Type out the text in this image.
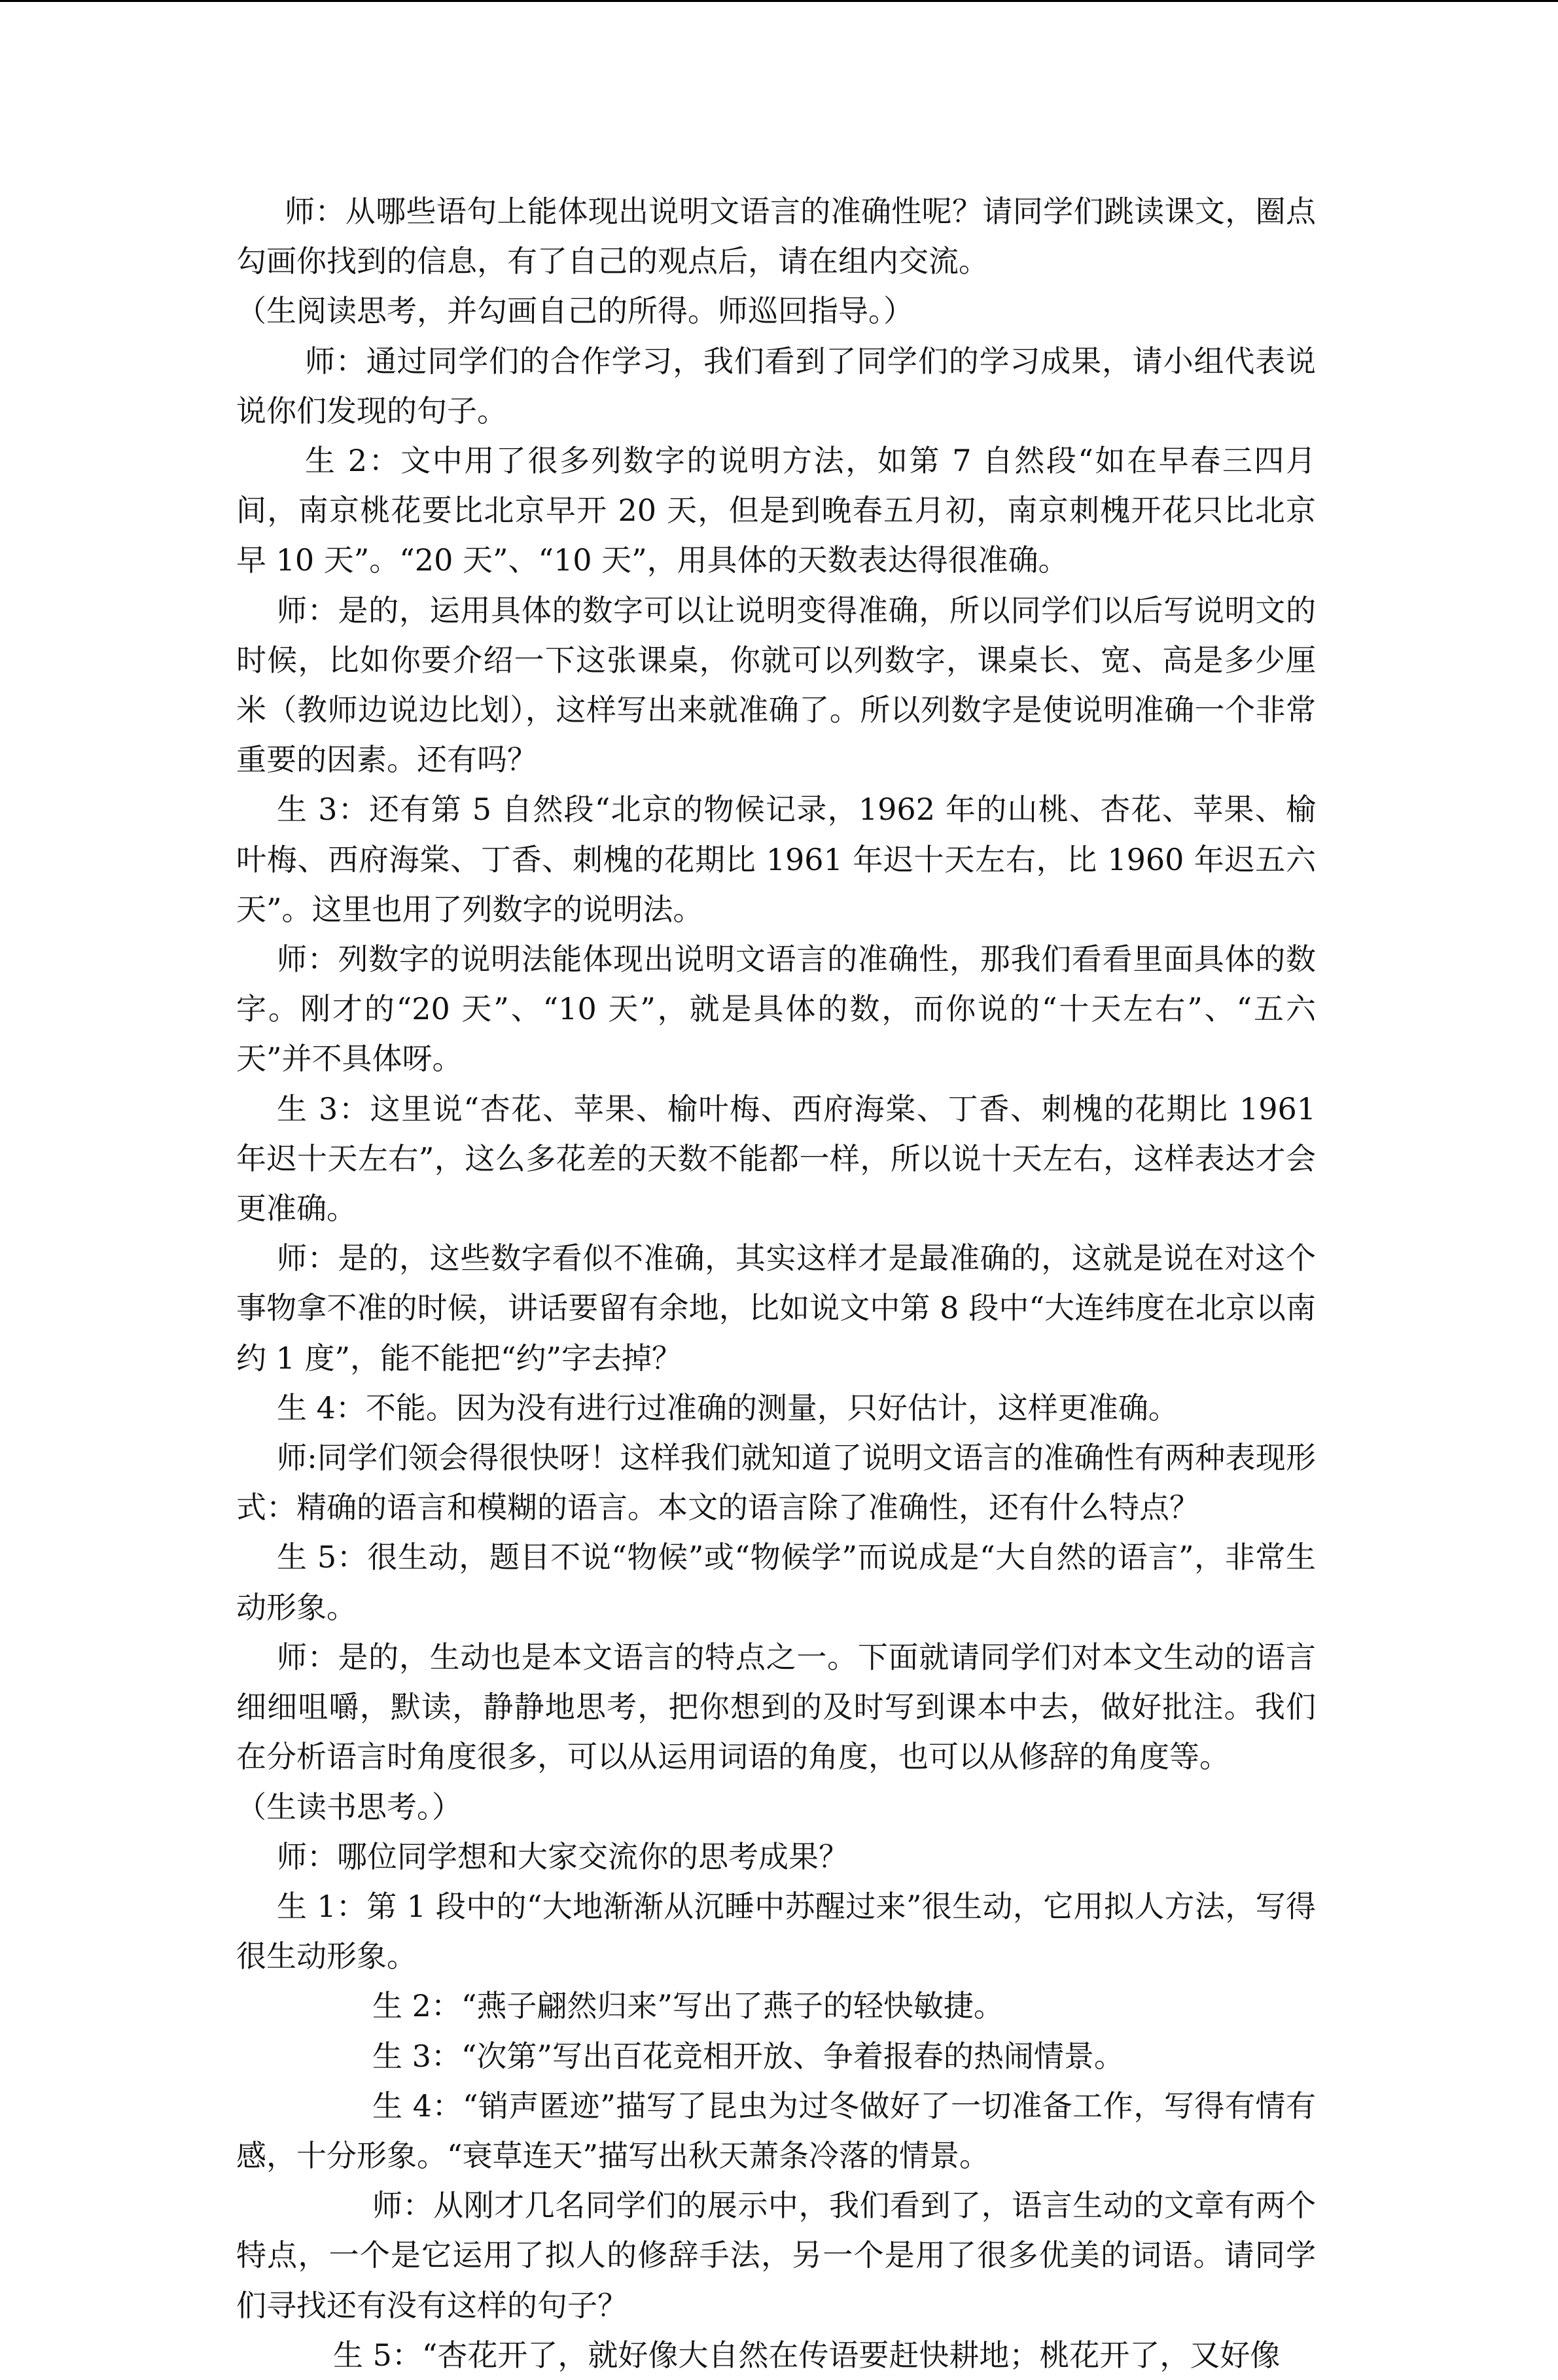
师：从哪些语句上能体现出说明文语言的准确性呢？请同学们跳读课文，圈点勾画你找到的信息，有了自己的观点后，请在组内交流。

（生阅读思考，并勾画自己的所得。师巡回指导。）

师：通过同学们的合作学习，我们看到了同学们的学习成果，请小组代表说说你们发现的句子。

生 2：文中用了很多列数字的说明方法，如第 7 自然段“如在早春三四月间，南京桃花要比北京早开 20 天，但是到晚春五月初，南京刺槐开花只比北京早 10 天”。“20 天”、“10 天”，用具体的天数表达得很准确。

师：是的，运用具体的数字可以让说明变得准确，所以同学们以后写说明文的时候，比如你要介绍一下这张课桌，你就可以列数字，课桌长、宽、高是多少厘米（教师边说边比划），这样写出来就准确了。所以列数字是使说明准确一个非常重要的因素。还有吗？

生 3：还有第 5 自然段“北京的物候记录，1962 年的山桃、杏花、苹果、榆叶梅、西府海棠、丁香、刺槐的花期比 1961 年迟十天左右，比 1960 年迟五六天”。这里也用了列数字的说明法。

师：列数字的说明法能体现出说明文语言的准确性，那我们看看里面具体的数字。刚才的“20 天”、“10 天”，就是具体的数，而你说的“十天左右”、“五六天”并不具体呀。

生 3：这里说“杏花、苹果、榆叶梅、西府海棠、丁香、刺槐的花期比 1961 年迟十天左右”，这么多花差的天数不能都一样，所以说十天左右，这样表达才会更准确。

师：是的，这些数字看似不准确，其实这样才是最准确的，这就是说在对这个事物拿不准的时候，讲话要留有余地，比如说文中第 8 段中“大连纬度在北京以南约 1 度”，能不能把“约”字去掉？

生 4：不能。因为没有进行过准确的测量，只好估计，这样更准确。

师:同学们领会得很快呀！这样我们就知道了说明文语言的准确性有两种表现形式：精确的语言和模糊的语言。本文的语言除了准确性，还有什么特点？

生 5：很生动，题目不说“物候”或“物候学”而说成是“大自然的语言”，非常生动形象。

师：是的，生动也是本文语言的特点之一。下面就请同学们对本文生动的语言细细咀嚼，默读，静静地思考，把你想到的及时写到课本中去，做好批注。我们在分析语言时角度很多，可以从运用词语的角度，也可以从修辞的角度等。

（生读书思考。）

师：哪位同学想和大家交流你的思考成果？

生 1：第 1 段中的“大地渐渐从沉睡中苏醒过来”很生动，它用拟人方法，写得很生动形象。

生 2：“燕子翩然归来”写出了燕子的轻快敏捷。

生 3：“次第”写出百花竞相开放、争着报春的热闹情景。

生 4：“销声匿迹”描写了昆虫为过冬做好了一切准备工作，写得有情有感，十分形象。“衰草连天”描写出秋天萧条冷落的情景。

师：从刚才几名同学们的展示中，我们看到了，语言生动的文章有两个特点，一个是它运用了拟人的修辞手法，另一个是用了很多优美的词语。请同学们寻找还有没有这样的句子？

生 5：“杏花开了，就好像大自然在传语要赶快耕地；桃花开了，又好像
